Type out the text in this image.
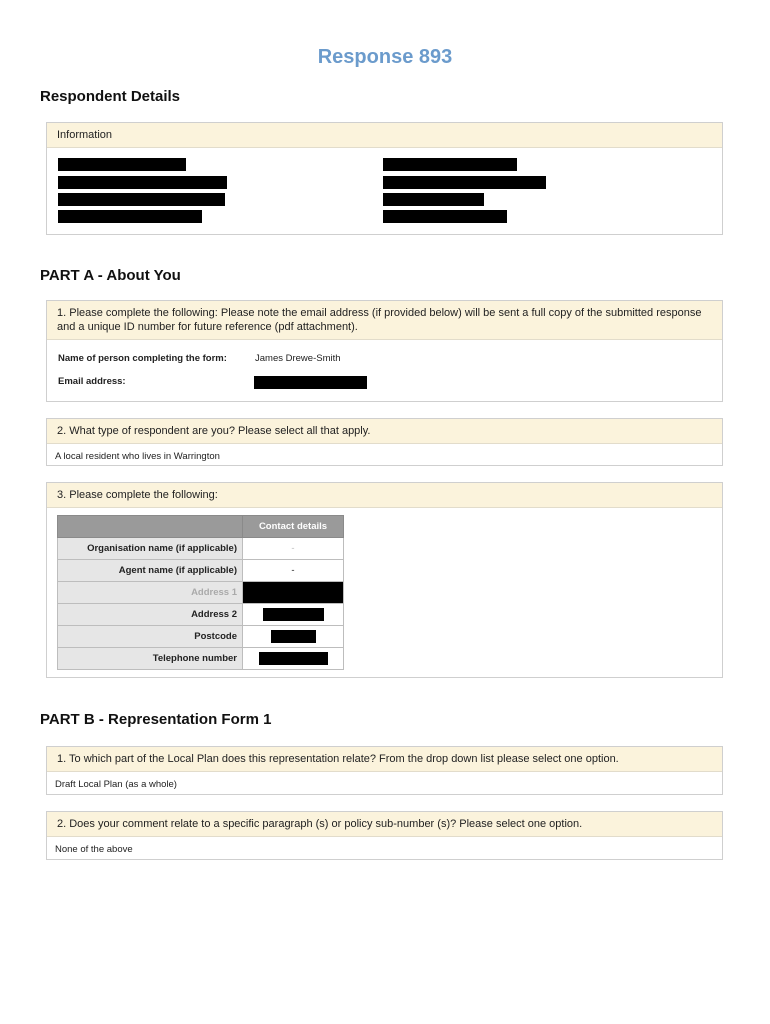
Response 893
Respondent Details
Information
PART A - About You
1. Please complete the following: Please note the email address (if provided below) will be sent a full copy of the submitted response and a unique ID number for future reference (pdf attachment).
Name of person completing the form:	James Drewe-Smith
Email address:
2. What type of respondent are you? Please select all that apply.
A local resident who lives in Warrington
3. Please complete the following:
	Contact details
Organisation name (if applicable)	-
Agent name (if applicable)	-
Address 1	
Address 2	
Postcode	
Telephone number	
PART B - Representation Form 1
1. To which part of the Local Plan does this representation relate? From the drop down list please select one option.
Draft Local Plan (as a whole)
2. Does your comment relate to a specific paragraph (s) or policy sub-number (s)? Please select one option.
None of the above
